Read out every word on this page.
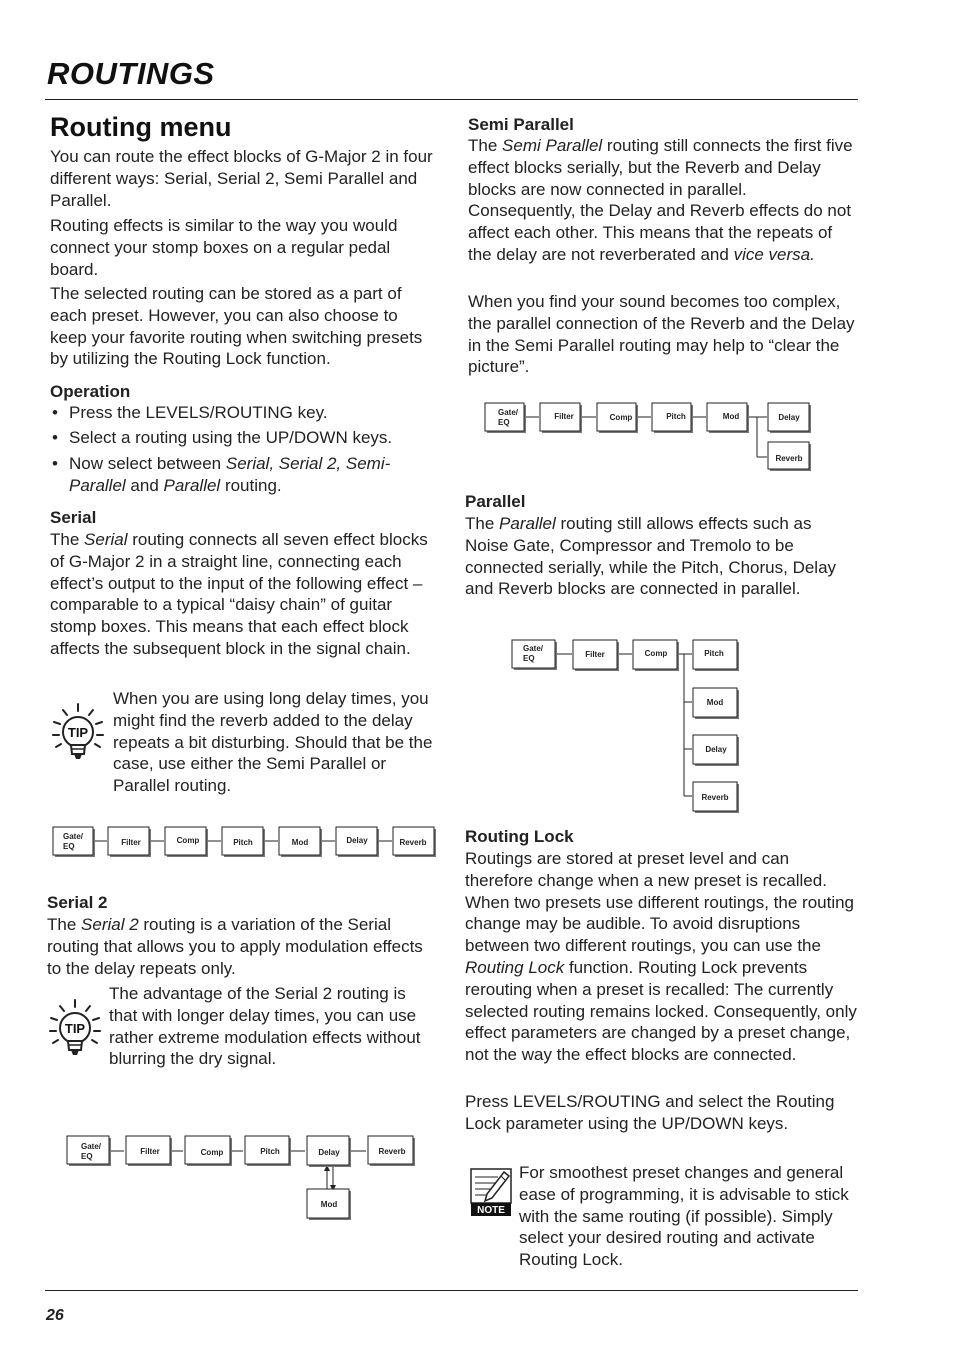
ROUTINGS
Routing menu
You can route the effect blocks of G-Major 2 in four different ways: Serial, Serial 2, Semi Parallel and Parallel.
Routing effects is similar to the way you would connect your stomp boxes on a regular pedal board.
The selected routing can be stored as a part of each preset. However, you can also choose to keep your favorite routing when switching presets by utilizing the Routing Lock function.
Operation
• Press the LEVELS/ROUTING key.
• Select a routing using the UP/DOWN keys.
• Now select between Serial, Serial 2, Semi-Parallel and Parallel routing.
Serial
The Serial routing connects all seven effect blocks of G-Major 2 in a straight line, connecting each effect’s output to the input of the following effect – comparable to a typical “daisy chain” of guitar stomp boxes. This means that each effect block affects the subsequent block in the signal chain.
TIP
When you are using long delay times, you might find the reverb added to the delay repeats a bit disturbing. Should that be the case, use either the Semi Parallel or Parallel routing.
Gate/
EQ	Filter	Comp	Pitch	Mod	Delay	Reverb
Serial 2
The Serial 2 routing is a variation of the Serial routing that allows you to apply modulation effects to the delay repeats only.
TIP
The advantage of the Serial 2 routing is that with longer delay times, you can use rather extreme modulation effects without blurring the dry signal.
Gate/
EQ
Filter	Comp	Pitch	Delay	Reverb
Mod
Semi Parallel
The Semi Parallel routing still connects the first five effect blocks serially, but the Reverb and Delay blocks are now connected in parallel. Consequently, the Delay and Reverb effects do not affect each other. This means that the repeats of the delay are not reverberated and vice versa.
When you find your sound becomes too complex, the parallel connection of the Reverb and the Delay in the Semi Parallel routing may help to “clear the picture”.
Gate/
EQ
Filter	Comp	Pitch	Mod	Delay
Reverb
Parallel
The Parallel routing still allows effects such as Noise Gate, Compressor and Tremolo to be connected serially, while the Pitch, Chorus, Delay and Reverb blocks are connected in parallel.
Gate/
EQ	Filter	Comp	Pitch
Mod
Delay
Reverb
Routing Lock
Routings are stored at preset level and can therefore change when a new preset is recalled. When two presets use different routings, the routing change may be audible. To avoid disruptions between two different routings, you can use the Routing Lock function. Routing Lock prevents rerouting when a preset is recalled: The currently selected routing remains locked. Consequently, only effect parameters are changed by a preset change, not the way the effect blocks are connected.
Press LEVELS/ROUTING and select the Routing Lock parameter using the UP/DOWN keys.
NOTE
For smoothest preset changes and general ease of programming, it is advisable to stick with the same routing (if possible). Simply select your desired routing and activate Routing Lock.
26
